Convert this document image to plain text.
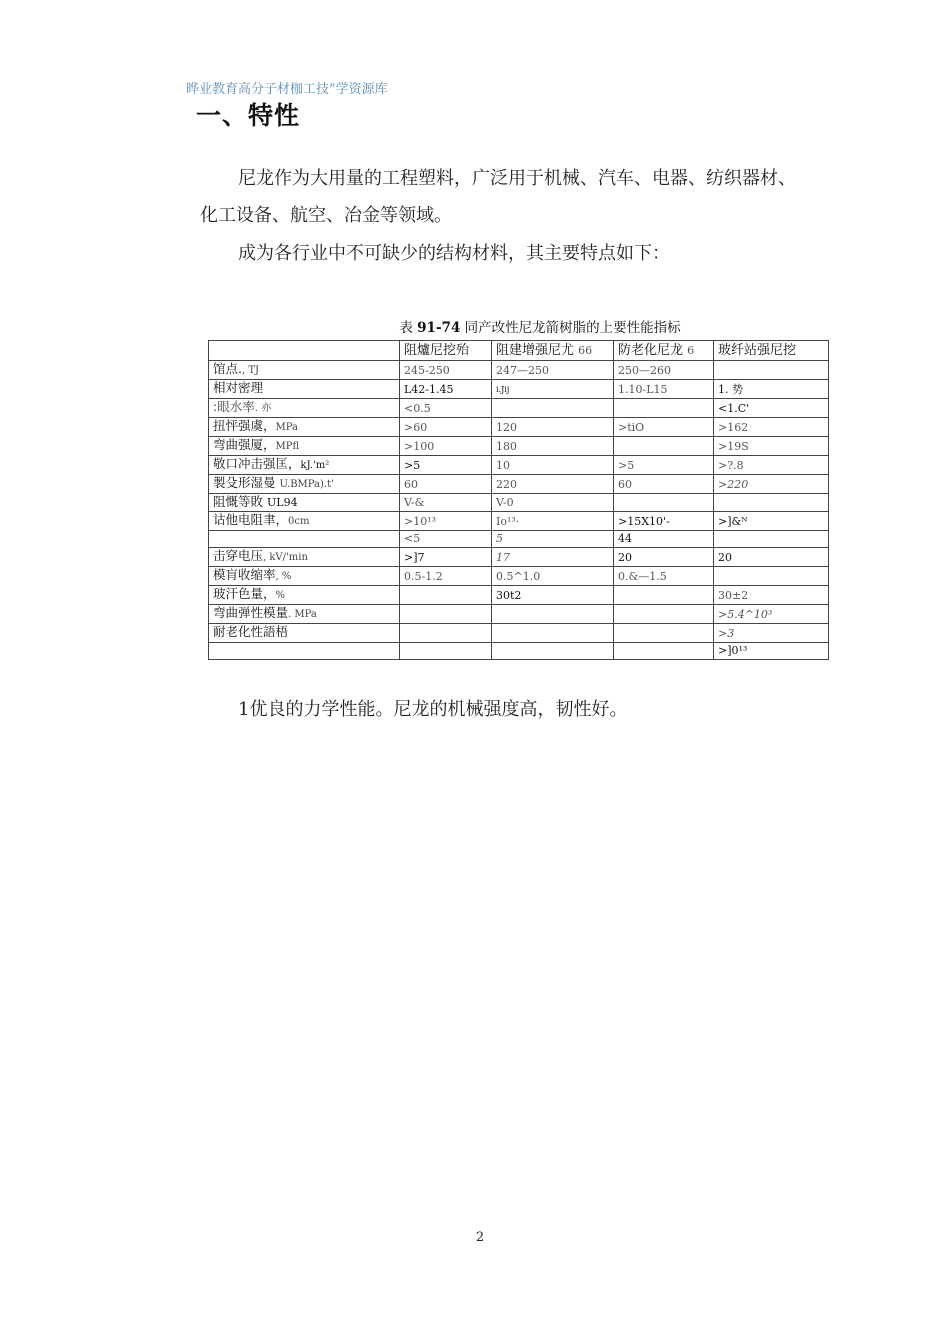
晔业教育高分子材枷工技”学资源库
一、特性
尼龙作为大用量的工程塑料，广泛用于机械、汽车、电器、纺织器材、
化工设备、航空、冶金等领域。
成为各行业中不可缺少的结构材料，其主要特点如下：
表 91-74 同产改性尼龙箭树脂的上要性能指标
	阻爐尼挖殆	阻建增强尼尤 66	防老化尼龙 6	玻纤站强尼挖
馆点., TJ	245-250	247—250	250—260	
相对密理	L42-1.45	i.Jij	1.10-L15	1. 势
:眼水率. 亦	<0.5			<1.C'
扭怦强虞，MPa	>60	120	>tiO	>162
弯曲强厦，MPfl	>100	180		>19S
敬口冲击强匡，kJ.'m²	>5	10	>5	>?.8
製殳形湿曼 U.BMPa).t'	60	220	60	>220
阻慨等敗 UL94	V-&	V-0		
诂他电阻聿，0cm	>10¹³	Io¹³·	>15X10'-	>]&ᴺ
	<5	5	44	
击穿电压, kV/'min	>]7	17	20	20
模肓收缩率, %	0.5-1.2	0.5^1.0	0.&—1.5	
玻汗色量，%		30t2		30±2
弯曲弹性模量. MPa				>5.4^10³
耐老化性語梧				>3
				>]0¹³
1优良的力学性能。尼龙的机械强度高，韧性好。
2
